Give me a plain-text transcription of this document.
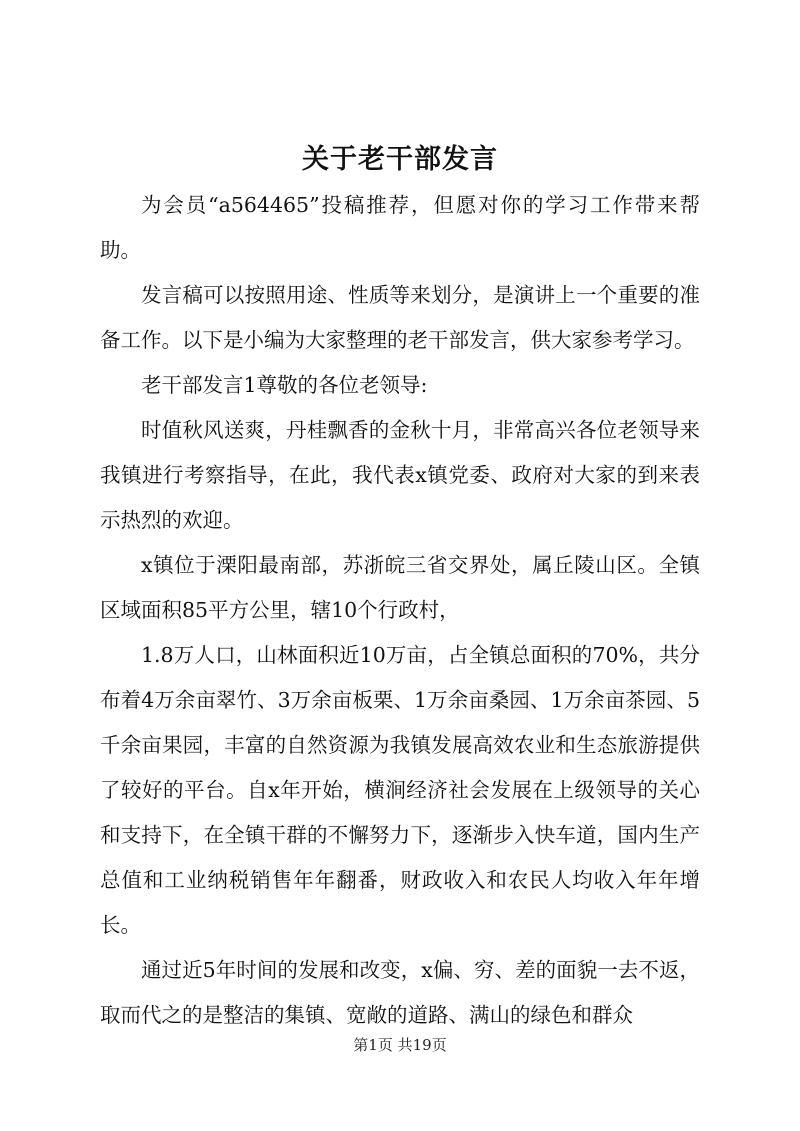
关于老干部发言

为会员“a564465”投稿推荐，但愿对你的学习工作带来帮助。

发言稿可以按照用途、性质等来划分，是演讲上一个重要的准备工作。以下是小编为大家整理的老干部发言，供大家参考学习。

老干部发言1尊敬的各位老领导:

时值秋风送爽，丹桂飘香的金秋十月，非常高兴各位老领导来我镇进行考察指导，在此，我代表x镇党委、政府对大家的到来表示热烈的欢迎。

x镇位于溧阳最南部，苏浙皖三省交界处，属丘陵山区。全镇区域面积85平方公里，辖10个行政村，

1.8万人口，山林面积近10万亩，占全镇总面积的70%，共分布着4万余亩翠竹、3万余亩板栗、1万余亩桑园、1万余亩茶园、5千余亩果园，丰富的自然资源为我镇发展高效农业和生态旅游提供了较好的平台。自x年开始，横涧经济社会发展在上级领导的关心和支持下，在全镇干群的不懈努力下，逐渐步入快车道，国内生产总值和工业纳税销售年年翻番，财政收入和农民人均收入年年增长。

通过近5年时间的发展和改变，x偏、穷、差的面貌一去不返，取而代之的是整洁的集镇、宽敞的道路、满山的绿色和群众

第1页 共19页
